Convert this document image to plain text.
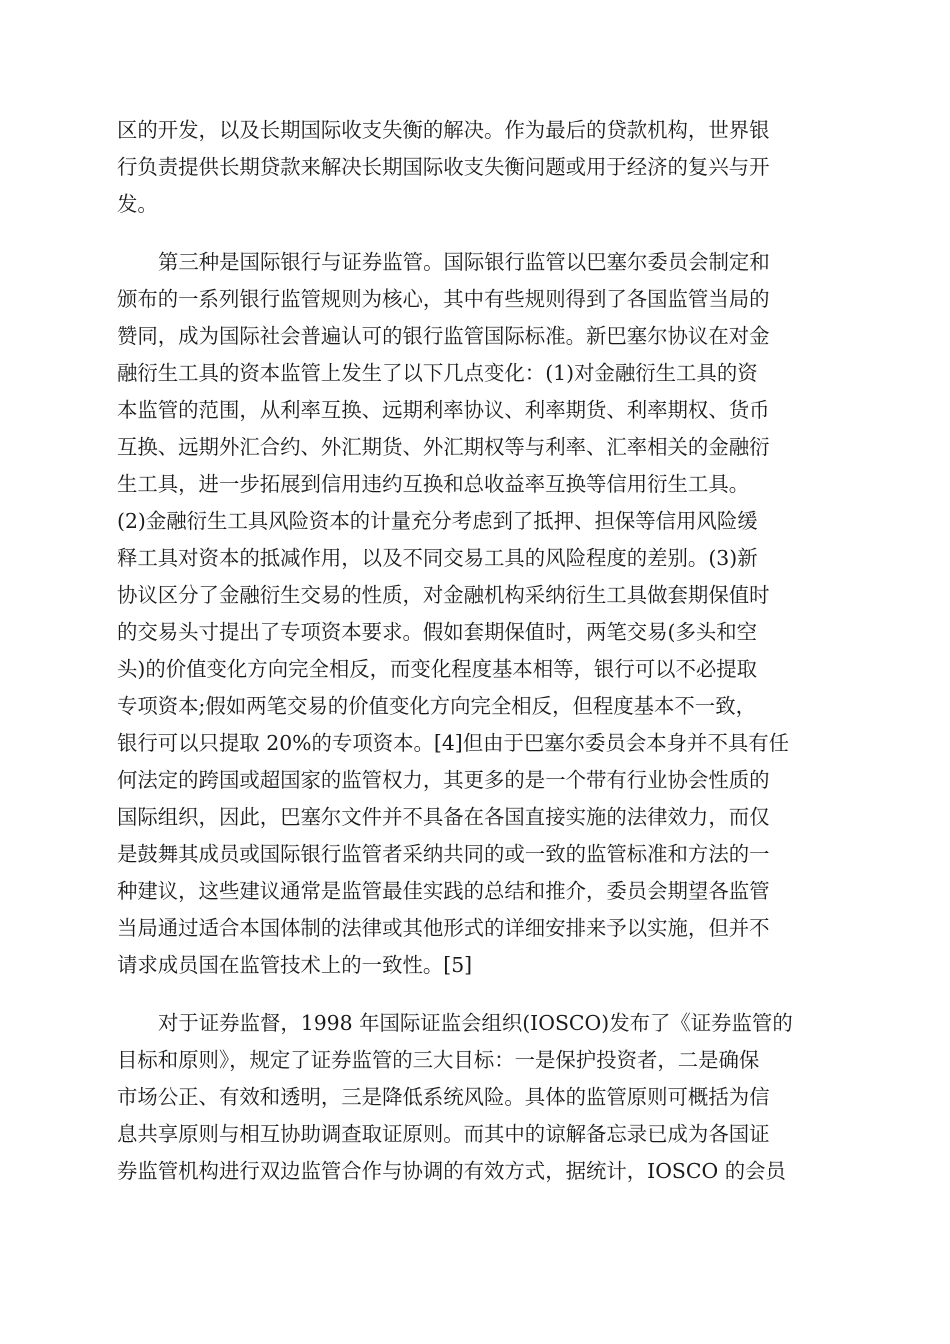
区的开发，以及长期国际收支失衡的解决。作为最后的贷款机构，世界银
行负责提供长期贷款来解决长期国际收支失衡问题或用于经济的复兴与开
发。
第三种是国际银行与证券监管。国际银行监管以巴塞尔委员会制定和
颁布的一系列银行监管规则为核心，其中有些规则得到了各国监管当局的
赞同，成为国际社会普遍认可的银行监管国际标准。新巴塞尔协议在对金
融衍生工具的资本监管上发生了以下几点变化：(1)对金融衍生工具的资
本监管的范围，从利率互换、远期利率协议、利率期货、利率期权、货币
互换、远期外汇合约、外汇期货、外汇期权等与利率、汇率相关的金融衍
生工具，进一步拓展到信用违约互换和总收益率互换等信用衍生工具。
(2)金融衍生工具风险资本的计量充分考虑到了抵押、担保等信用风险缓
释工具对资本的抵减作用，以及不同交易工具的风险程度的差别。(3)新
协议区分了金融衍生交易的性质，对金融机构采纳衍生工具做套期保值时
的交易头寸提出了专项资本要求。假如套期保值时，两笔交易(多头和空
头)的价值变化方向完全相反，而变化程度基本相等，银行可以不必提取
专项资本;假如两笔交易的价值变化方向完全相反，但程度基本不一致，
银行可以只提取 20%的专项资本。[4]但由于巴塞尔委员会本身并不具有任
何法定的跨国或超国家的监管权力，其更多的是一个带有行业协会性质的
国际组织，因此，巴塞尔文件并不具备在各国直接实施的法律效力，而仅
是鼓舞其成员或国际银行监管者采纳共同的或一致的监管标准和方法的一
种建议，这些建议通常是监管最佳实践的总结和推介，委员会期望各监管
当局通过适合本国体制的法律或其他形式的详细安排来予以实施，但并不
请求成员国在监管技术上的一致性。[5]
对于证券监督，1998 年国际证监会组织(IOSCO)发布了《证券监管的
目标和原则》，规定了证券监管的三大目标：一是保护投资者，二是确保
市场公正、有效和透明，三是降低系统风险。具体的监管原则可概括为信
息共享原则与相互协助调查取证原则。而其中的谅解备忘录已成为各国证
券监管机构进行双边监管合作与协调的有效方式，据统计，IOSCO 的会员
